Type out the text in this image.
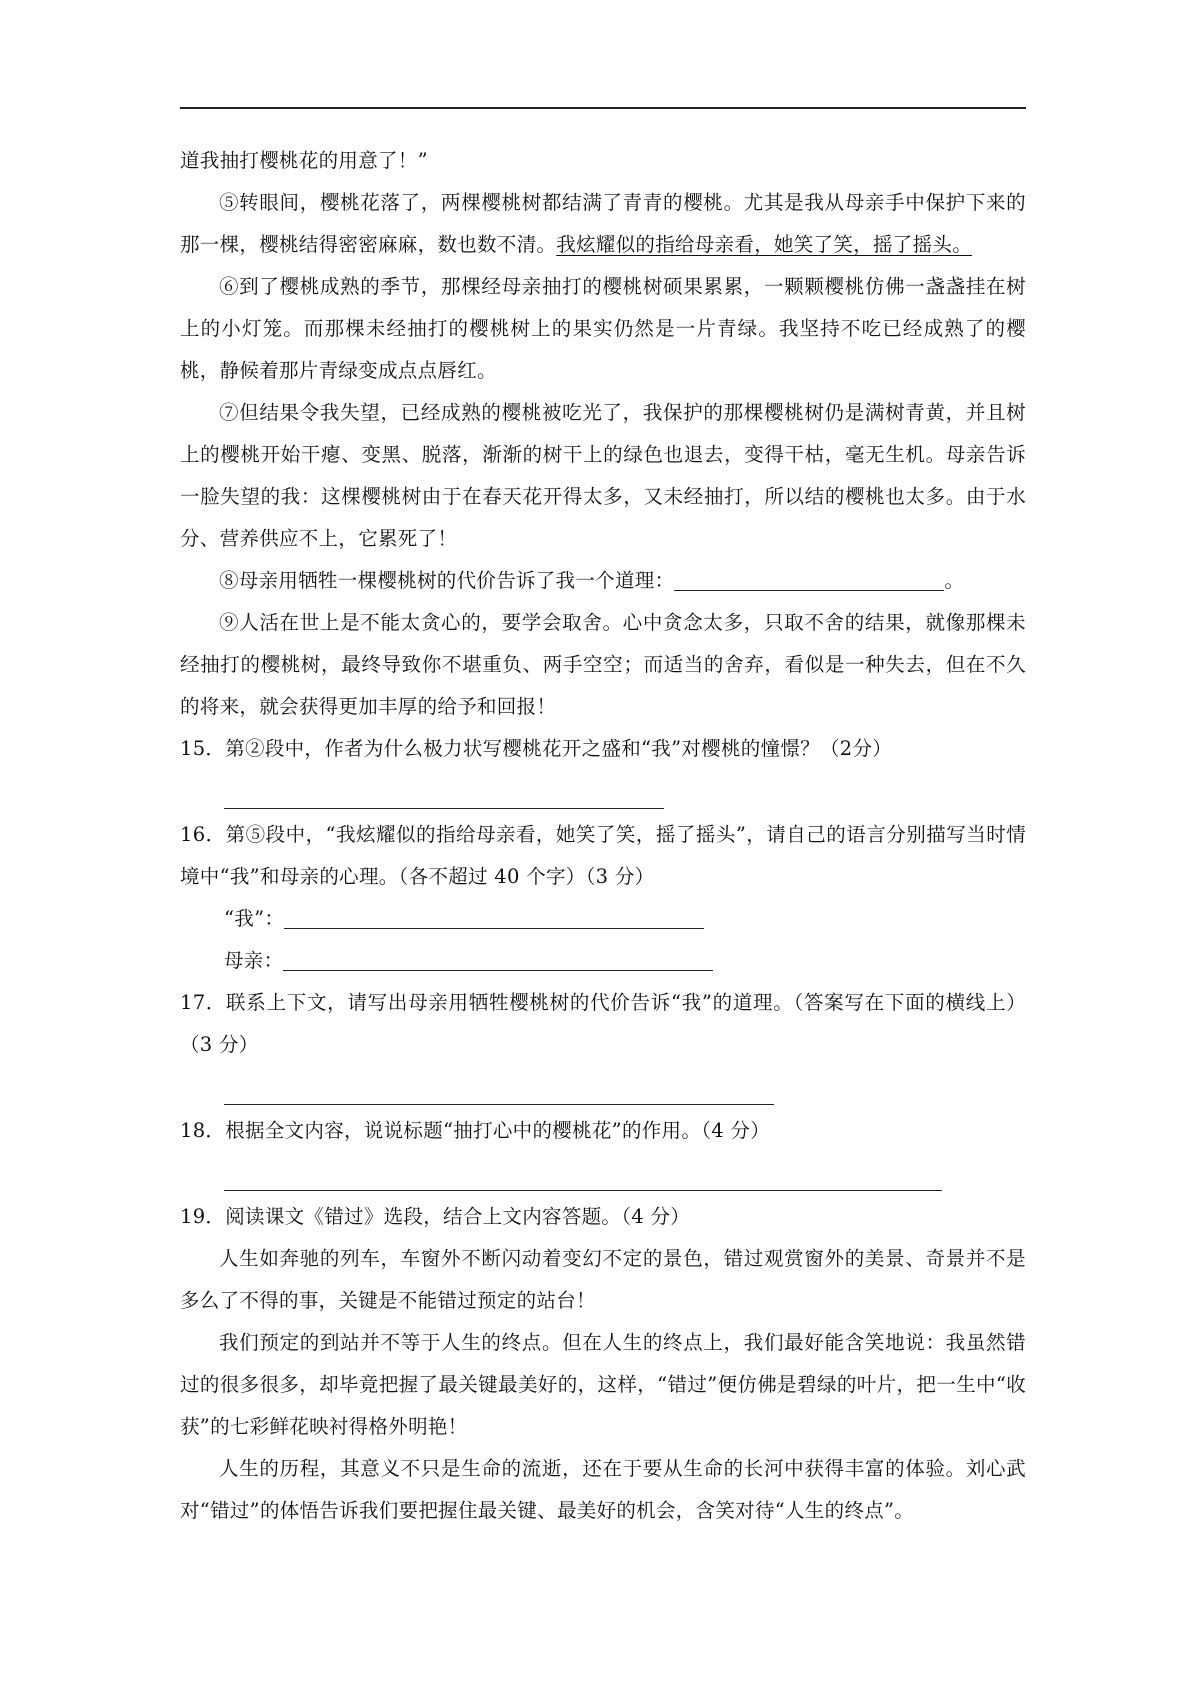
道我抽打樱桃花的用意了！”

⑤转眼间，樱桃花落了，两棵樱桃树都结满了青青的樱桃。尤其是我从母亲手中保护下来的那一棵，樱桃结得密密麻麻，数也数不清。我炫耀似的指给母亲看，她笑了笑，摇了摇头。

⑥到了樱桃成熟的季节，那棵经母亲抽打的樱桃树硕果累累，一颗颗樱桃仿佛一盏盏挂在树上的小灯笼。而那棵未经抽打的樱桃树上的果实仍然是一片青绿。我坚持不吃已经成熟了的樱桃，静候着那片青绿变成点点唇红。

⑦但结果令我失望，已经成熟的樱桃被吃光了，我保护的那棵樱桃树仍是满树青黄，并且树上的樱桃开始干瘪、变黑、脱落，渐渐的树干上的绿色也退去，变得干枯，毫无生机。母亲告诉一脸失望的我：这棵樱桃树由于在春天花开得太多，又未经抽打，所以结的樱桃也太多。由于水分、营养供应不上，它累死了！

⑧母亲用牺牲一棵樱桃树的代价告诉了我一个道理：	。

⑨人活在世上是不能太贪心的，要学会取舍。心中贪念太多，只取不舍的结果，就像那棵未经抽打的樱桃树，最终导致你不堪重负、两手空空；而适当的舍弃，看似是一种失去，但在不久的将来，就会获得更加丰厚的给予和回报！

15．第②段中，作者为什么极力状写樱桃花开之盛和“我”对樱桃的憧憬？（2分）

16．第⑤段中，“我炫耀似的指给母亲看，她笑了笑，摇了摇头”，请自己的语言分别描写当时情境中“我”和母亲的心理。（各不超过 40 个字）（3 分）

“我”：

母亲：

17．联系上下文，请写出母亲用牺牲樱桃树的代价告诉“我”的道理。（答案写在下面的横线上）（3 分）

18．根据全文内容，说说标题“抽打心中的樱桃花”的作用。（4 分）

19．阅读课文《错过》选段，结合上文内容答题。（4 分）

人生如奔驰的列车，车窗外不断闪动着变幻不定的景色，错过观赏窗外的美景、奇景并不是多么了不得的事，关键是不能错过预定的站台！

我们预定的到站并不等于人生的终点。但在人生的终点上，我们最好能含笑地说：我虽然错过的很多很多，却毕竟把握了最关键最美好的，这样，“错过”便仿佛是碧绿的叶片，把一生中“收获”的七彩鲜花映衬得格外明艳！

人生的历程，其意义不只是生命的流逝，还在于要从生命的长河中获得丰富的体验。刘心武对“错过”的体悟告诉我们要把握住最关键、最美好的机会，含笑对待“人生的终点”。
